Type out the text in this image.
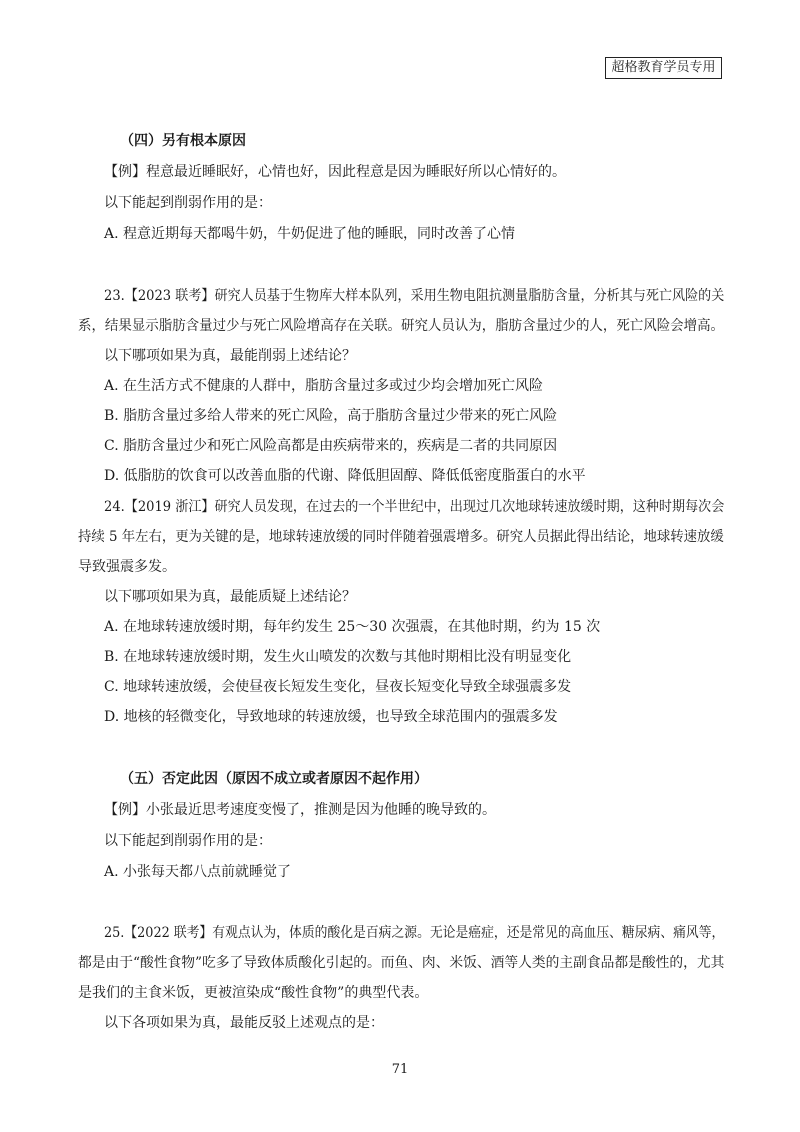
超格教育学员专用
（四）另有根本原因
【例】程意最近睡眠好，心情也好，因此程意是因为睡眠好所以心情好的。
以下能起到削弱作用的是：
A. 程意近期每天都喝牛奶，牛奶促进了他的睡眠，同时改善了心情
23.【2023 联考】研究人员基于生物库大样本队列，采用生物电阻抗测量脂肪含量，分析其与死亡风险的关
系，结果显示脂肪含量过少与死亡风险增高存在关联。研究人员认为，脂肪含量过少的人，死亡风险会增高。
以下哪项如果为真，最能削弱上述结论？
A. 在生活方式不健康的人群中，脂肪含量过多或过少均会增加死亡风险
B. 脂肪含量过多给人带来的死亡风险，高于脂肪含量过少带来的死亡风险
C. 脂肪含量过少和死亡风险高都是由疾病带来的，疾病是二者的共同原因
D. 低脂肪的饮食可以改善血脂的代谢、降低胆固醇、降低低密度脂蛋白的水平
24.【2019 浙江】研究人员发现，在过去的一个半世纪中，出现过几次地球转速放缓时期，这种时期每次会
持续 5 年左右，更为关键的是，地球转速放缓的同时伴随着强震增多。研究人员据此得出结论，地球转速放缓
导致强震多发。
以下哪项如果为真，最能质疑上述结论？
A. 在地球转速放缓时期，每年约发生 25～30 次强震，在其他时期，约为 15 次
B. 在地球转速放缓时期，发生火山喷发的次数与其他时期相比没有明显变化
C. 地球转速放缓，会使昼夜长短发生变化，昼夜长短变化导致全球强震多发
D. 地核的轻微变化，导致地球的转速放缓，也导致全球范围内的强震多发
（五）否定此因（原因不成立或者原因不起作用）
【例】小张最近思考速度变慢了，推测是因为他睡的晚导致的。
以下能起到削弱作用的是：
A. 小张每天都八点前就睡觉了
25.【2022 联考】有观点认为，体质的酸化是百病之源。无论是癌症，还是常见的高血压、糖尿病、痛风等，
都是由于“酸性食物”吃多了导致体质酸化引起的。而鱼、肉、米饭、酒等人类的主副食品都是酸性的，尤其
是我们的主食米饭，更被渲染成“酸性食物”的典型代表。
以下各项如果为真，最能反驳上述观点的是：
71
